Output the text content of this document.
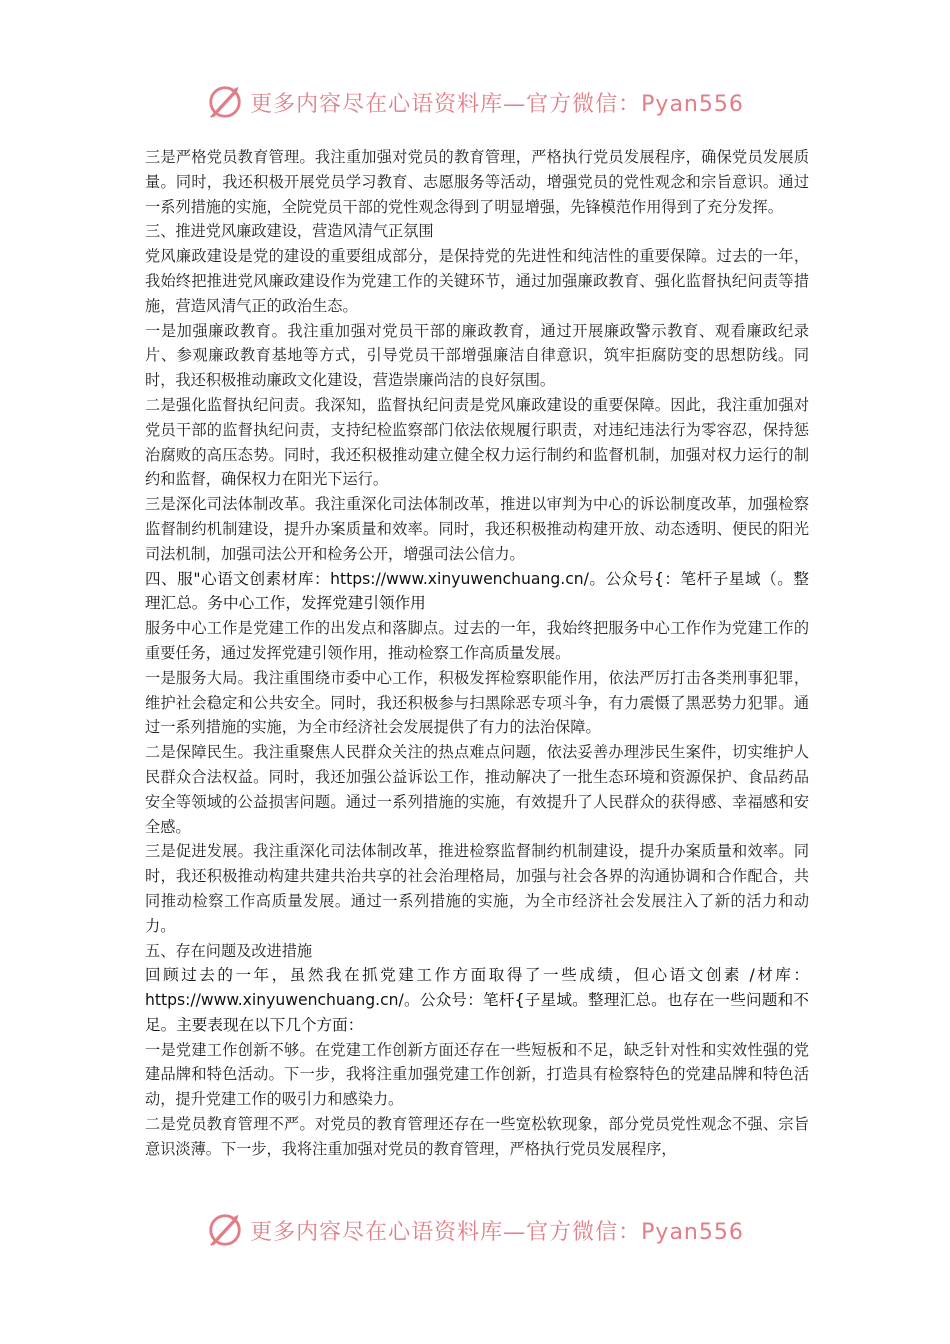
更多内容尽在心语资料库—官方微信：Pyan556

三是严格党员教育管理。我注重加强对党员的教育管理，严格执行党员发展程序，确保党员发展质量。同时，我还积极开展党员学习教育、志愿服务等活动，增强党员的党性观念和宗旨意识。通过一系列措施的实施，全院党员干部的党性观念得到了明显增强，先锋模范作用得到了充分发挥。

三、推进党风廉政建设，营造风清气正氛围

党风廉政建设是党的建设的重要组成部分，是保持党的先进性和纯洁性的重要保障。过去的一年，我始终把推进党风廉政建设作为党建工作的关键环节，通过加强廉政教育、强化监督执纪问责等措施，营造风清气正的政治生态。

一是加强廉政教育。我注重加强对党员干部的廉政教育，通过开展廉政警示教育、观看廉政纪录片、参观廉政教育基地等方式，引导党员干部增强廉洁自律意识，筑牢拒腐防变的思想防线。同时，我还积极推动廉政文化建设，营造崇廉尚洁的良好氛围。

二是强化监督执纪问责。我深知，监督执纪问责是党风廉政建设的重要保障。因此，我注重加强对党员干部的监督执纪问责，支持纪检监察部门依法依规履行职责，对违纪违法行为零容忍，保持惩治腐败的高压态势。同时，我还积极推动建立健全权力运行制约和监督机制，加强对权力运行的制约和监督，确保权力在阳光下运行。

三是深化司法体制改革。我注重深化司法体制改革，推进以审判为中心的诉讼制度改革，加强检察监督制约机制建设，提升办案质量和效率。同时，我还积极推动构建开放、动态透明、便民的阳光司法机制，加强司法公开和检务公开，增强司法公信力。

四、服"心语文创素材库：https://www.xinyuwenchuang.cn/。公众号{：笔杆子星域（。整理汇总。务中心工作，发挥党建引领作用

服务中心工作是党建工作的出发点和落脚点。过去的一年，我始终把服务中心工作作为党建工作的重要任务，通过发挥党建引领作用，推动检察工作高质量发展。

一是服务大局。我注重围绕市委中心工作，积极发挥检察职能作用，依法严厉打击各类刑事犯罪，维护社会稳定和公共安全。同时，我还积极参与扫黑除恶专项斗争，有力震慑了黑恶势力犯罪。通过一系列措施的实施，为全市经济社会发展提供了有力的法治保障。

二是保障民生。我注重聚焦人民群众关注的热点难点问题，依法妥善办理涉民生案件，切实维护人民群众合法权益。同时，我还加强公益诉讼工作，推动解决了一批生态环境和资源保护、食品药品安全等领域的公益损害问题。通过一系列措施的实施，有效提升了人民群众的获得感、幸福感和安全感。

三是促进发展。我注重深化司法体制改革，推进检察监督制约机制建设，提升办案质量和效率。同时，我还积极推动构建共建共治共享的社会治理格局，加强与社会各界的沟通协调和合作配合，共同推动检察工作高质量发展。通过一系列措施的实施，为全市经济社会发展注入了新的活力和动力。

五、存在问题及改进措施

回顾过去的一年，虽然我在抓党建工作方面取得了一些成绩，但心语文创素 /材库：https://www.xinyuwenchuang.cn/。公众号：笔杆{子星域。整理汇总。也存在一些问题和不足。主要表现在以下几个方面：

一是党建工作创新不够。在党建工作创新方面还存在一些短板和不足，缺乏针对性和实效性强的党建品牌和特色活动。下一步，我将注重加强党建工作创新，打造具有检察特色的党建品牌和特色活动，提升党建工作的吸引力和感染力。

二是党员教育管理不严。对党员的教育管理还存在一些宽松软现象，部分党员党性观念不强、宗旨意识淡薄。下一步，我将注重加强对党员的教育管理，严格执行党员发展程序，

更多内容尽在心语资料库—官方微信：Pyan556
